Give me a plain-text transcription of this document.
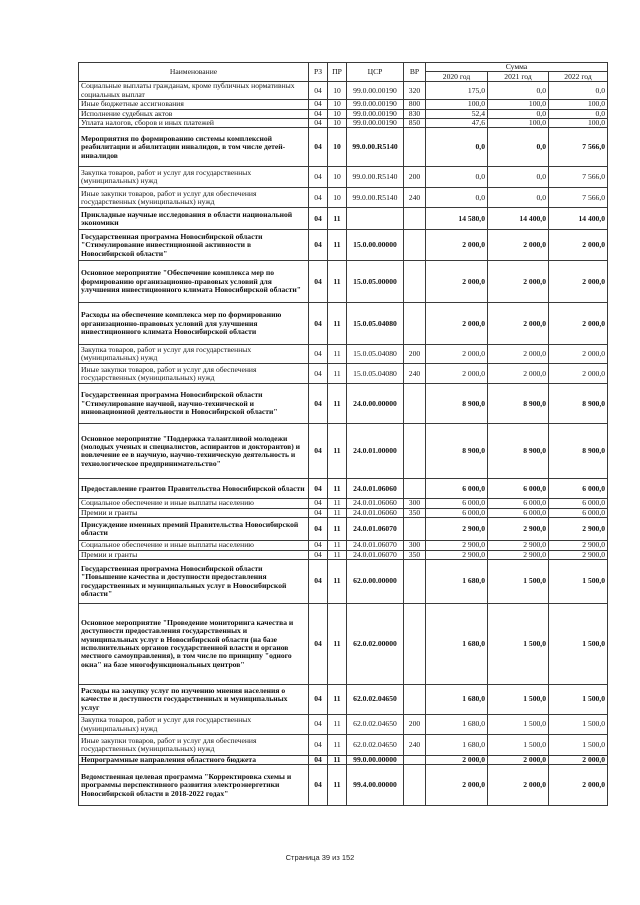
Наименование	РЗ	ПР	ЦСР	ВР	Сумма		
					2020 год	2021 год	2022 год
Социальные выплаты гражданам, кроме публичных нормативных социальных выплат	04	10	99.0.00.00190	320	175,0	0,0	0,0
Иные бюджетные ассигнования	04	10	99.0.00.00190	800	100,0	100,0	100,0
Исполнение судебных актов	04	10	99.0.00.00190	830	52,4	0,0	0,0
Уплата налогов, сборов и иных платежей	04	10	99.0.00.00190	850	47,6	100,0	100,0
Мероприятия по формированию системы комплексной реабилитации и абилитации инвалидов, в том числе детей-инвалидов	04	10	99.0.00.R5140		0,0	0,0	7 566,0
Закупка товаров, работ и услуг для государственных (муниципальных) нужд	04	10	99.0.00.R5140	200	0,0	0,0	7 566,0
Иные закупки товаров, работ и услуг для обеспечения государственных (муниципальных) нужд	04	10	99.0.00.R5140	240	0,0	0,0	7 566,0
Прикладные научные исследования в области национальной экономики	04	11			14 580,0	14 400,0	14 400,0
Государственная программа Новосибирской области "Стимулирование инвестиционной активности в Новосибирской области"	04	11	15.0.00.00000		2 000,0	2 000,0	2 000,0
Основное мероприятие "Обеспечение комплекса мер по формированию организационно-правовых условий для улучшения инвестиционного климата Новосибирской области"	04	11	15.0.05.00000		2 000,0	2 000,0	2 000,0
Расходы на обеспечение комплекса мер по формированию организационно-правовых условий для улучшения инвестиционного климата Новосибирской области	04	11	15.0.05.04080		2 000,0	2 000,0	2 000,0
Закупка товаров, работ и услуг для государственных (муниципальных) нужд	04	11	15.0.05.04080	200	2 000,0	2 000,0	2 000,0
Иные закупки товаров, работ и услуг для обеспечения государственных (муниципальных) нужд	04	11	15.0.05.04080	240	2 000,0	2 000,0	2 000,0
Государственная программа Новосибирской области "Стимулирование научной, научно-технической и инновационной деятельности в Новосибирской области"	04	11	24.0.00.00000		8 900,0	8 900,0	8 900,0
Основное мероприятие "Поддержка талантливой молодежи (молодых ученых и специалистов, аспирантов и докторантов) и вовлечение ее в научную, научно-техническую деятельность и технологическое предпринимательство"	04	11	24.0.01.00000		8 900,0	8 900,0	8 900,0
Предоставление грантов Правительства Новосибирской области	04	11	24.0.01.06060		6 000,0	6 000,0	6 000,0
Социальное обеспечение и иные выплаты населению	04	11	24.0.01.06060	300	6 000,0	6 000,0	6 000,0
Премии и гранты	04	11	24.0.01.06060	350	6 000,0	6 000,0	6 000,0
Присуждение именных премий Правительства Новосибирской области	04	11	24.0.01.06070		2 900,0	2 900,0	2 900,0
Социальное обеспечение и иные выплаты населению	04	11	24.0.01.06070	300	2 900,0	2 900,0	2 900,0
Премии и гранты	04	11	24.0.01.06070	350	2 900,0	2 900,0	2 900,0
Государственная программа Новосибирской области "Повышение качества и доступности предоставления государственных и муниципальных услуг в Новосибирской области"	04	11	62.0.00.00000		1 680,0	1 500,0	1 500,0
Основное мероприятие "Проведение мониторинга качества и доступности предоставления государственных и муниципальных услуг в Новосибирской области (на базе исполнительных органов государственной власти и органов местного самоуправления), в том числе по принципу "одного окна" на базе многофункциональных центров"	04	11	62.0.02.00000		1 680,0	1 500,0	1 500,0
Расходы на закупку услуг по изучению мнения населения о качестве и доступности государственных и муниципальных услуг	04	11	62.0.02.04650		1 680,0	1 500,0	1 500,0
Закупка товаров, работ и услуг для государственных (муниципальных) нужд	04	11	62.0.02.04650	200	1 680,0	1 500,0	1 500,0
Иные закупки товаров, работ и услуг для обеспечения государственных (муниципальных) нужд	04	11	62.0.02.04650	240	1 680,0	1 500,0	1 500,0
Непрограммные направления областного бюджета	04	11	99.0.00.00000		2 000,0	2 000,0	2 000,0
Ведомственная целевая программа "Корректировка схемы и программы перспективного развития электроэнергетики Новосибирской области в 2018-2022 годах"	04	11	99.4.00.00000		2 000,0	2 000,0	2 000,0
Страница 39 из 152
